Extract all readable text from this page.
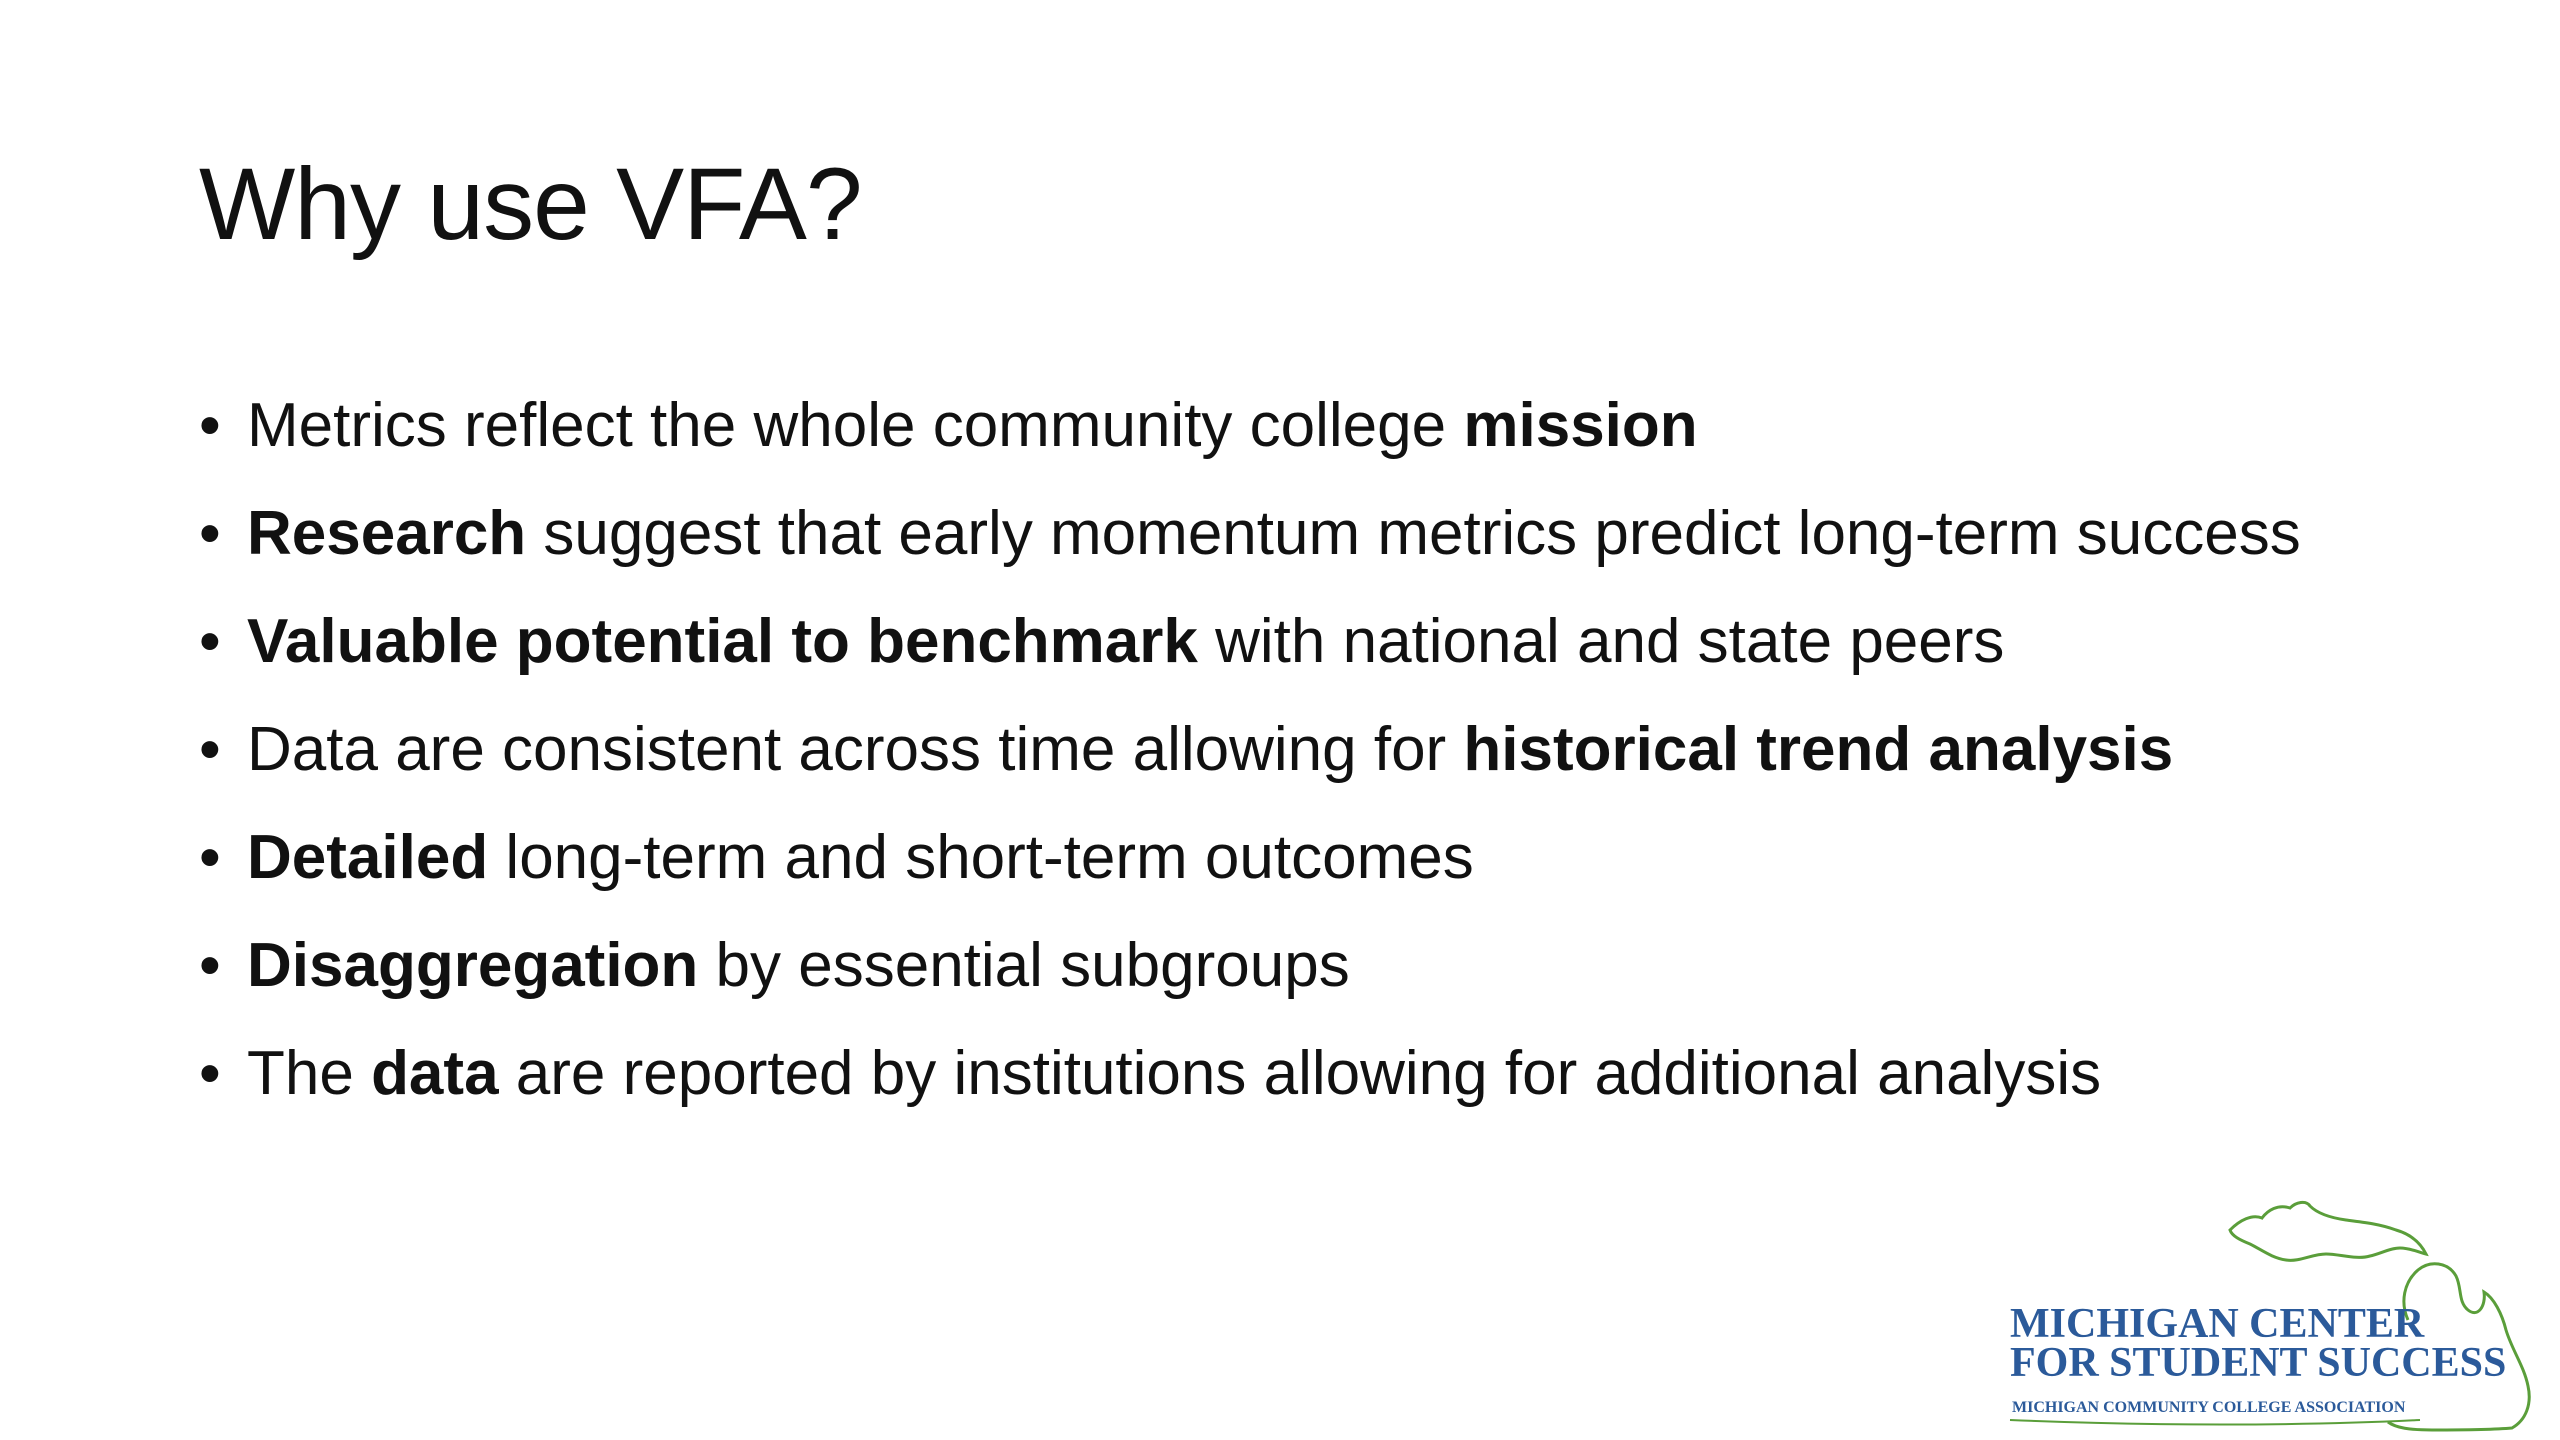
Why use VFA?
• Metrics reflect the whole community college mission
• Research suggest that early momentum metrics predict long-term success
• Valuable potential to benchmark with national and state peers
• Data are consistent across time allowing for historical trend analysis
• Detailed long-term and short-term outcomes
• Disaggregation by essential subgroups
• The data are reported by institutions allowing for additional analysis
MICHIGAN CENTER
FOR STUDENT SUCCESS
MICHIGAN COMMUNITY COLLEGE ASSOCIATION
